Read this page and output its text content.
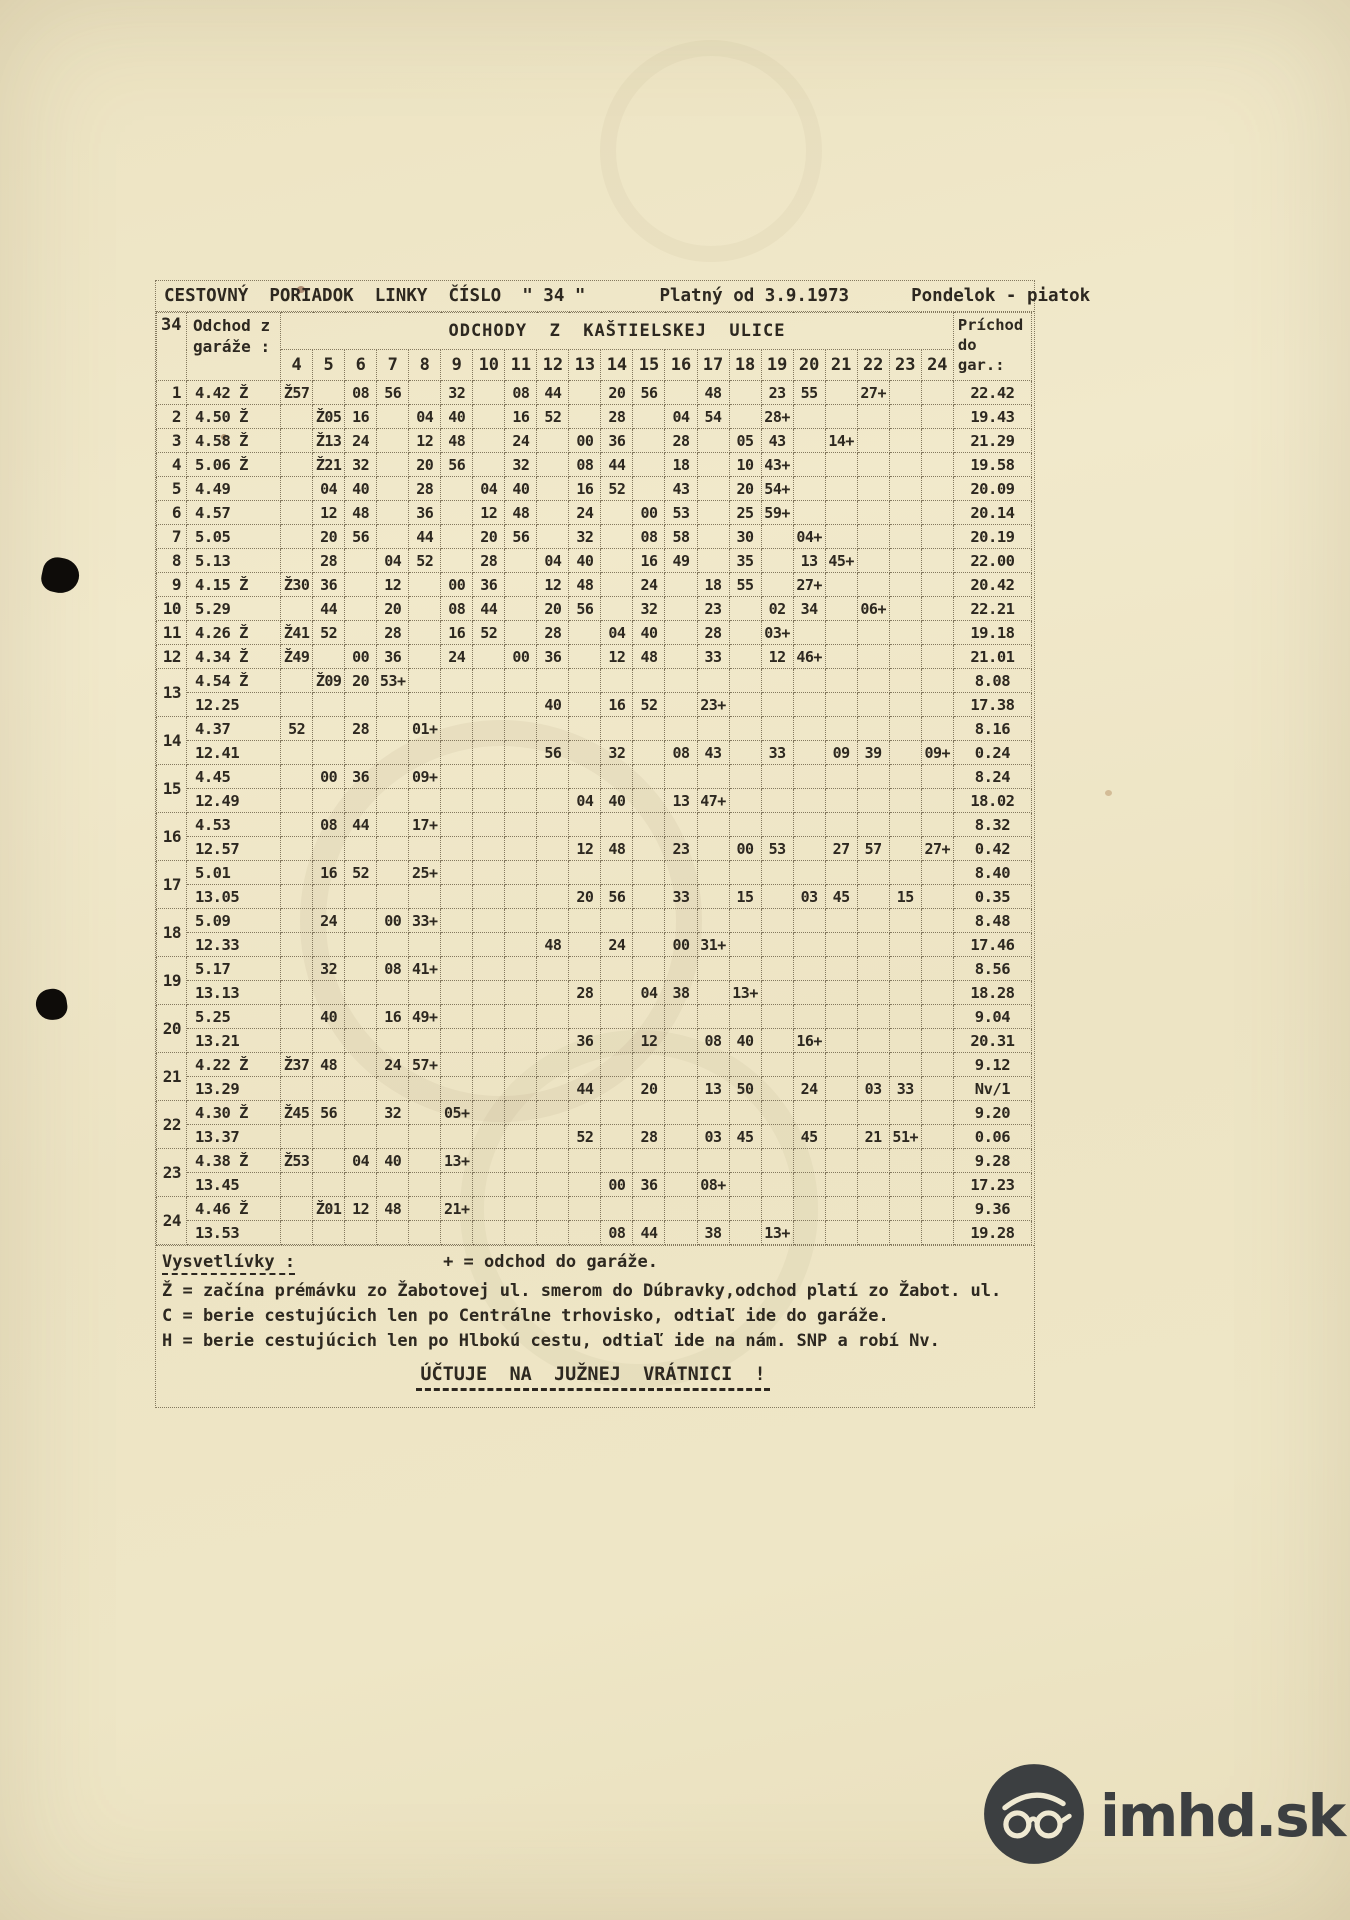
CESTOVNÝ  PORIADOK  LINKY  ČÍSLO  " 34 "	Platný od 3.9.1973	Pondelok - piatok
34	Odchod z
garáže :
	ODCHODY  Z  KAŠTIELSKEJ  ULICE	Príchod
do gar.:

		4	5	6	7	8	9	10	11	12	13	14	15	16	17	18	19	20	21	22	23	24	
1	4.42 Ž	Ž57		08	56		32		08	44		20	56		48		23	55		27+			22.42
2	4.50 Ž		Ž05	16		04	40		16	52		28		04	54		28+						19.43
3	4.58 Ž		Ž13	24		12	48		24		00	36		28		05	43		14+				21.29
4	5.06 Ž		Ž21	32		20	56		32		08	44		18		10	43+						19.58
5	4.49		04	40		28		04	40		16	52		43		20	54+						20.09
6	4.57		12	48		36		12	48		24		00	53		25	59+						20.14
7	5.05		20	56		44		20	56		32		08	58		30		04+					20.19
8	5.13		28		04	52		28		04	40		16	49		35		13	45+				22.00
9	4.15 Ž	Ž30	36		12		00	36		12	48		24		18	55		27+					20.42
10	5.29		44		20		08	44		20	56		32		23		02	34		06+			22.21
11	4.26 Ž	Ž41	52		28		16	52		28		04	40		28		03+						19.18
12	4.34 Ž	Ž49		00	36		24		00	36		12	48		33		12	46+					21.01
13	4.54 Ž		Ž09	20	53+																		8.08
	12.25									40		16	52		23+								17.38
14	4.37	52		28		01+																	8.16
	12.41									56		32		08	43		33		09	39		09+	0.24
15	4.45		00	36		09+																	8.24
	12.49										04	40		13	47+								18.02
16	4.53		08	44		17+																	8.32
	12.57										12	48		23		00	53		27	57		27+	0.42
17	5.01		16	52		25+																	8.40
	13.05										20	56		33		15		03	45		15		0.35
18	5.09		24		00	33+																	8.48
	12.33									48		24		00	31+								17.46
19	5.17		32		08	41+																	8.56
	13.13										28		04	38		13+							18.28
20	5.25		40		16	49+																	9.04
	13.21										36		12		08	40		16+					20.31
21	4.22 Ž	Ž37	48		24	57+																	9.12
	13.29										44		20		13	50		24		03	33		Nv/1
22	4.30 Ž	Ž45	56		32		05+																9.20
	13.37										52		28		03	45		45		21	51+		0.06
23	4.38 Ž	Ž53		04	40		13+																9.28
	13.45											00	36		08+								17.23
24	4.46 Ž		Ž01	12	48		21+																9.36
	13.53											08	44		38		13+						19.28
Vysvetlívky :	+ = odchod do garáže.
Ž = začína prémávku zo Žabotovej ul. smerom do Dúbravky,odchod platí zo Žabot. ul.
C = berie cestujúcich len po Centrálne trhovisko, odtiaľ ide do garáže.
H = berie cestujúcich len po Hlbokú cestu, odtiaľ ide na nám. SNP a robí Nv.
ÚČTUJE  NA  JUŽNEJ  VRÁTNICI  !
imhd.sk
